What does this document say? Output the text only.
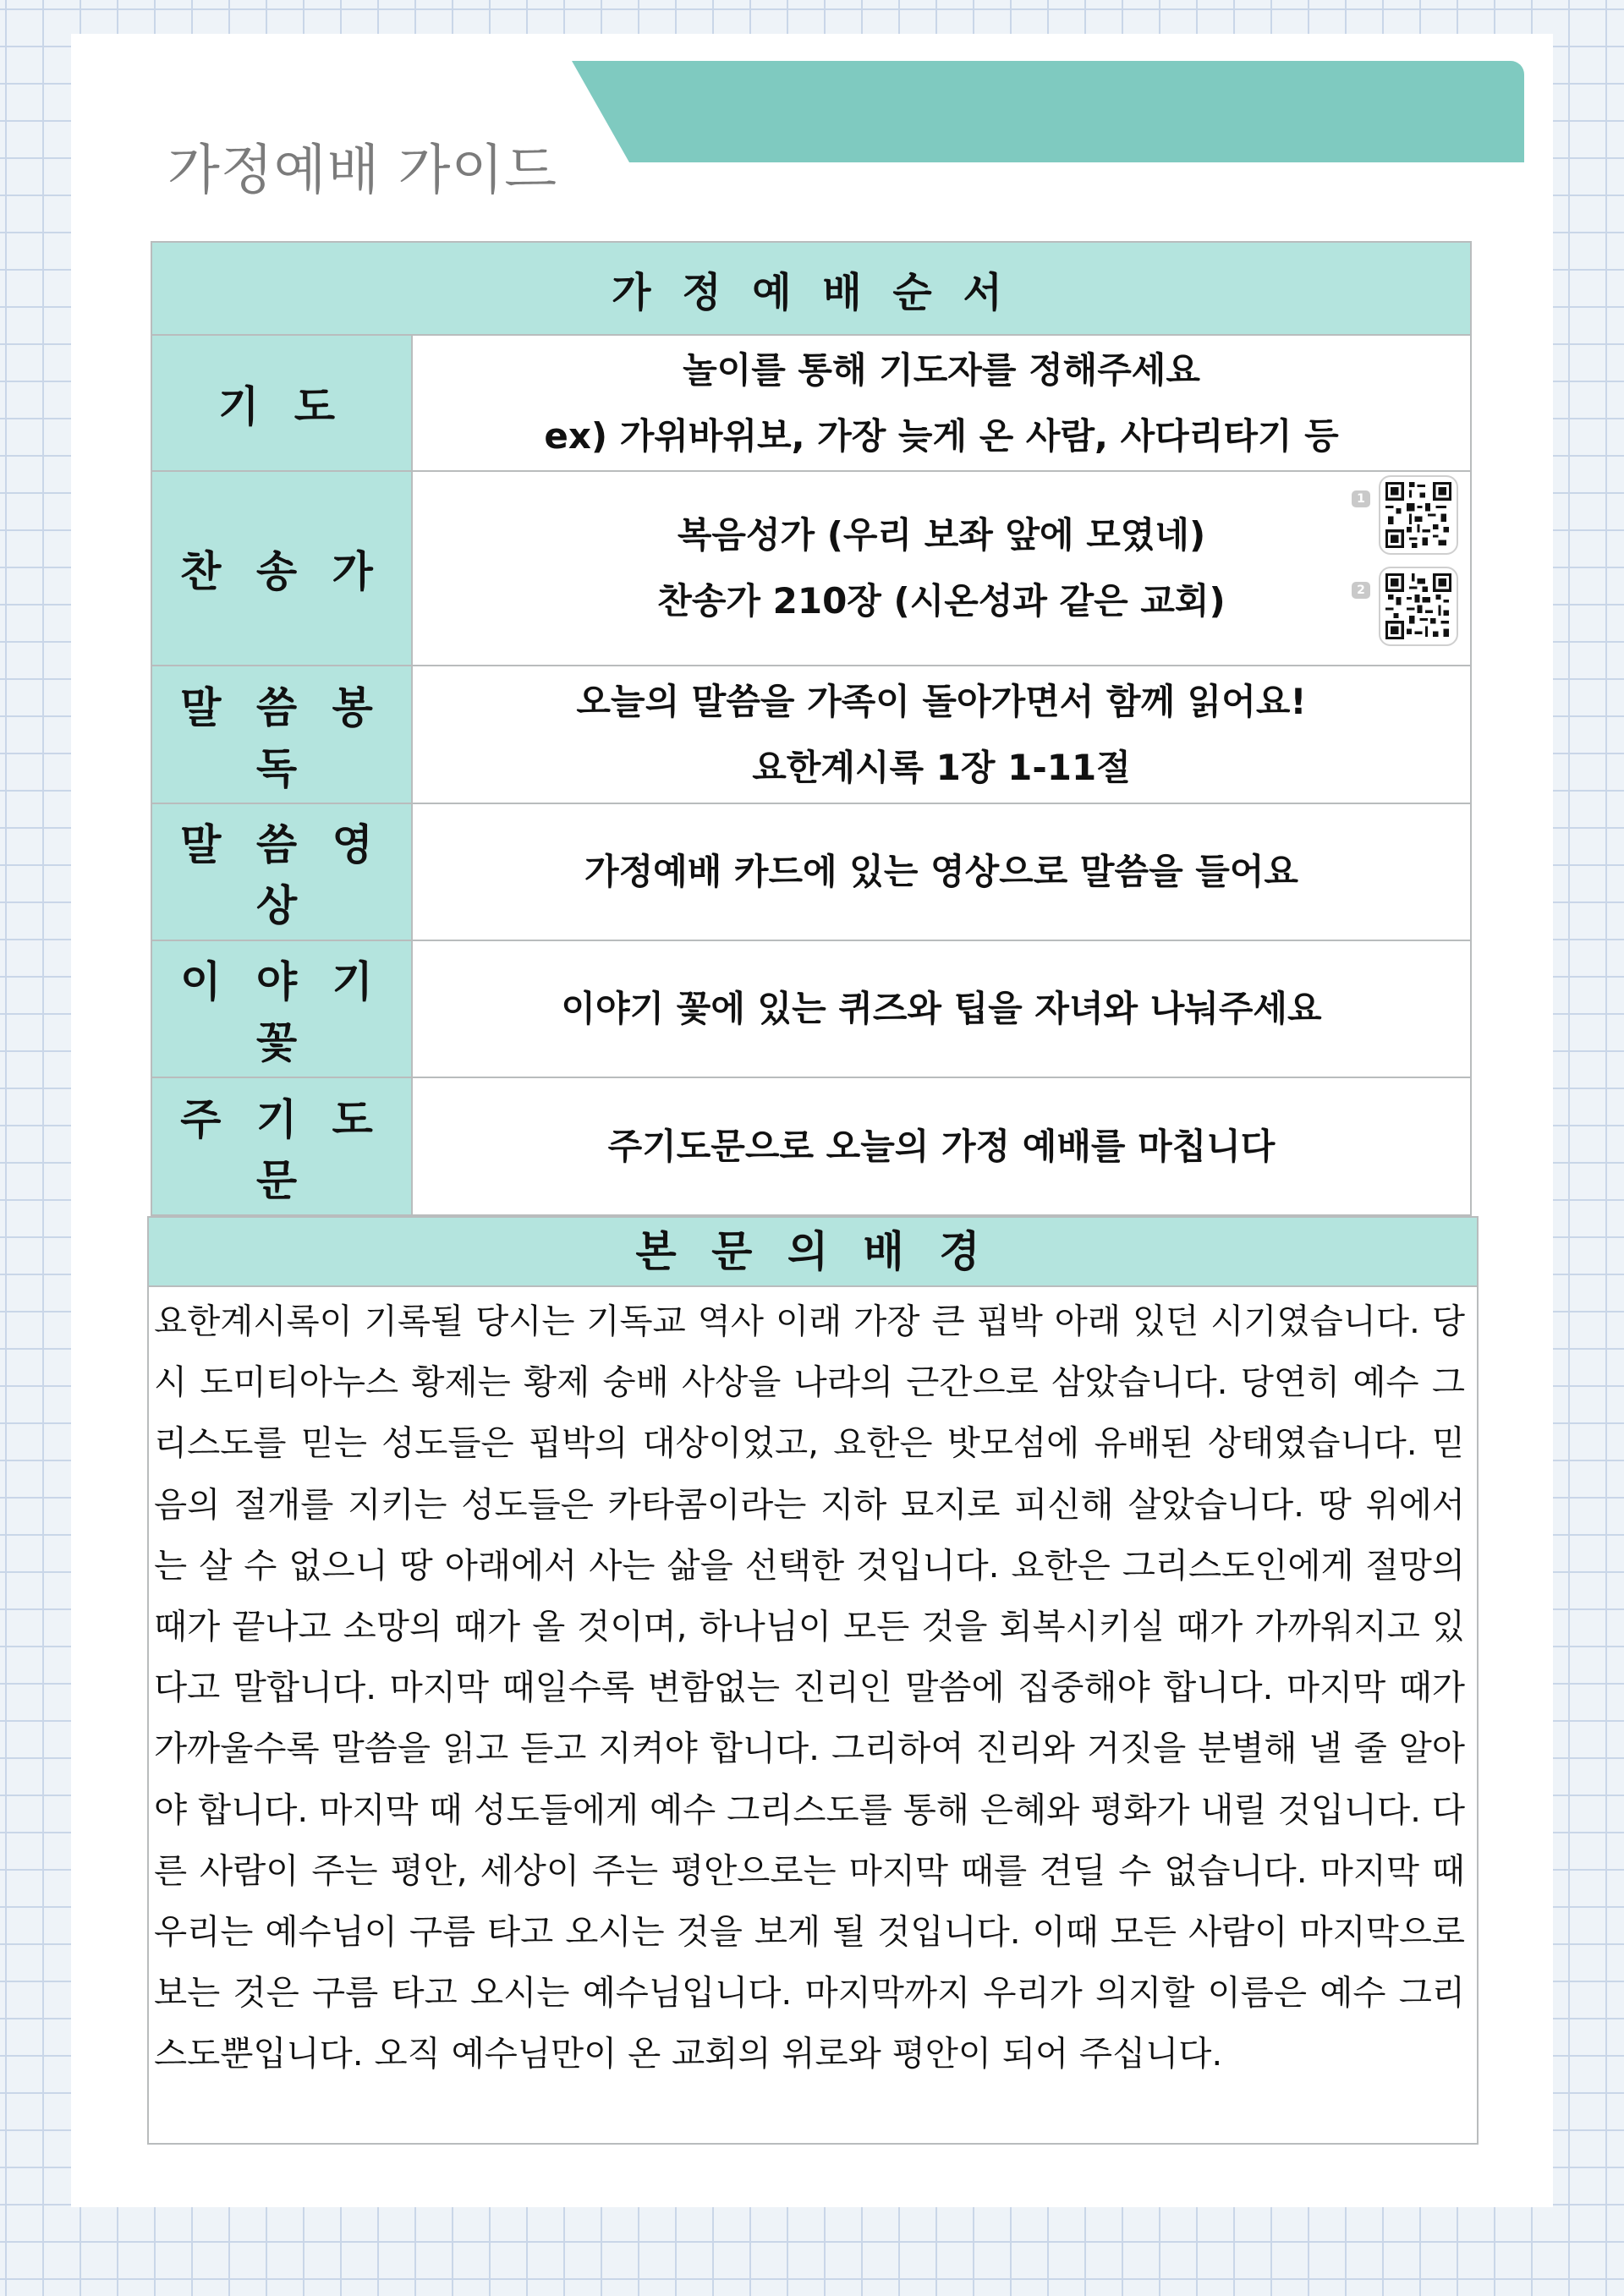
가정예배 가이드
가 정 예 배 순 서	
기 도	놀이를 통해 기도자를 정해주세요
ex) 가위바위보, 가장 늦게 온 사람, 사다리타기 등

찬 송 가	복음성가 (우리 보좌 앞에 모였네)
찬송가 210장 (시온성과 같은 교회)
1
2

말 씀 봉 독	오늘의 말씀을 가족이 돌아가면서 함께 읽어요!
요한계시록 1장 1-11절

말 씀 영 상	가정예배 카드에 있는 영상으로 말씀을 들어요

이 야 기 꽃	이야기 꽃에 있는 퀴즈와 팁을 자녀와 나눠주세요

주 기 도 문	주기도문으로 오늘의 가정 예배를 마칩니다
본 문 의 배 경

요한계시록이 기록될 당시는 기독교 역사 이래 가장 큰 핍박 아래 있던 시기였습니다. 당시 도미티아누스 황제는 황제 숭배 사상을 나라의 근간으로 삼았습니다. 당연히 예수 그리스도를 믿는 성도들은 핍박의 대상이었고, 요한은 밧모섬에 유배된 상태였습니다. 믿음의 절개를 지키는 성도들은 카타콤이라는 지하 묘지로 피신해 살았습니다. 땅 위에서는 살 수 없으니 땅 아래에서 사는 삶을 선택한 것입니다. 요한은 그리스도인에게 절망의 때가 끝나고 소망의 때가 올 것이며, 하나님이 모든 것을 회복시키실 때가 가까워지고 있다고 말합니다. 마지막 때일수록 변함없는 진리인 말씀에 집중해야 합니다. 마지막 때가 가까울수록 말씀을 읽고 듣고 지켜야 합니다. 그리하여 진리와 거짓을 분별해 낼 줄 알아야 합니다. 마지막 때 성도들에게 예수 그리스도를 통해 은혜와 평화가 내릴 것입니다. 다른 사람이 주는 평안, 세상이 주는 평안으로는 마지막 때를 견딜 수 없습니다. 마지막 때 우리는 예수님이 구름 타고 오시는 것을 보게 될 것입니다. 이때 모든 사람이 마지막으로 보는 것은 구름 타고 오시는 예수님입니다. 마지막까지 우리가 의지할 이름은 예수 그리스도뿐입니다. 오직 예수님만이 온 교회의 위로와 평안이 되어 주십니다.
